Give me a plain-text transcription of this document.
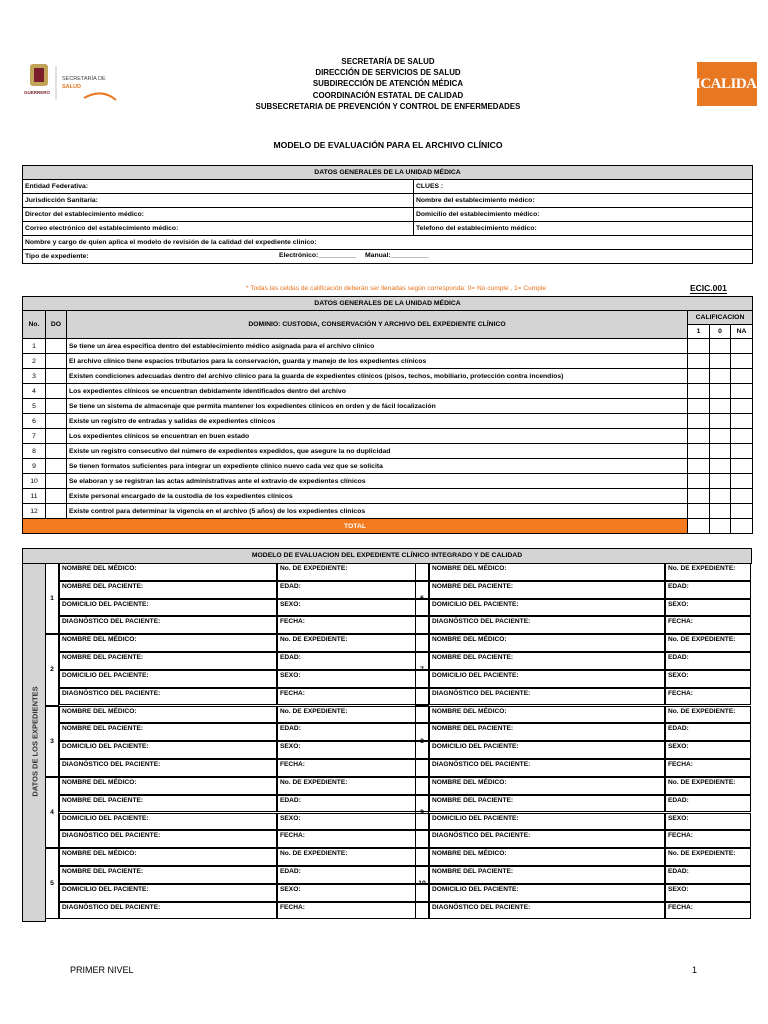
GUERRERO
SECRETARÍA DE
SALUD	SICALIDAD
SECRETARÍA DE SALUD
DIRECCIÓN DE SERVICIOS DE SALUD
SUBDIRECCIÓN DE ATENCIÓN MÉDICA
COORDINACIÓN ESTATAL DE CALIDAD
SUBSECRETARIA DE PREVENCIÓN Y CONTROL DE ENFERMEDADES
MODELO DE EVALUACIÓN PARA EL ARCHIVO CLÍNICO
DATOS GENERALES DE LA UNIDAD MÉDICA	
Entidad Federativa:	CLUES :
Jurisdicción Sanitaria:	Nombre del establecimiento médico:
Director del establecimiento médico:	Domicilio del establecimiento médico:
Correo electrónico del establecimiento médico:	Telefono del establecimiento médico:
Nombre y cargo de quien aplica el modelo de revisión de la calidad del expediente clinico:	
Tipo de expediente: Electrónico:__________ Manual:__________	
* Todas las celdas de calificación deberán ser llenadas según corresponda: 0= No cumple , 1= Cumple	ECIC.001
DATOS GENERALES DE LA UNIDAD MÉDICA					
No.	DO	DOMINIO: CUSTODIA, CONSERVACIÓN Y ARCHIVO DEL EXPEDIENTE CLÍNICO	CALIFICACION		
			1	0	NA
1		Se tiene un área especifica dentro del establecimiento médico asignada para el archivo clinico			
2		El archivo clinico tiene espacios tributarios para la conservación, guarda y manejo de los expedientes clínicos			
3		Existen condiciones adecuadas dentro del archivo clinico para la guarda de expedientes clínicos (pisos, techos, mobiliario, protección contra incendios)			
4		Los expedientes clínicos se encuentran debidamente identificados dentro del archivo			
5		Se tiene un sistema de almacenaje que permita mantener los expedientes clínicos en orden y de fácil localización			
6		Existe un registro de entradas y salidas de expedientes clínicos			
7		Los expedientes clínicos se encuentran en buen estado			
8		Existe un registro consecutivo del número de expedientes expedidos, que asegure la no duplicidad			
9		Se tienen formatos suficientes para integrar un expediente clínico nuevo cada vez que se solicita			
10		Se elaboran y se registran las actas administrativas ante el extravío de expedientes clínicos			
11		Existe personal encargado de la custodia de los expedientes clínicos			
12		Existe control para determinar la vigencia en el archivo (5 años) de los expedientes clinicos			
TOTAL					
MODELO DE EVALUACION DEL EXPEDIENTE CLÍNICO INTEGRADO Y DE CALIDAD
DATOS DE LOS EXPEDIENTES
1
NOMBRE DEL MÉDICO:	No. DE EXPEDIENTE:
NOMBRE DEL PACIENTE:	EDAD:
DOMICILIO DEL PACIENTE:	SEXO:
DIAGNÓSTICO DEL PACIENTE:	FECHA:
2
NOMBRE DEL MÉDICO:	No. DE EXPEDIENTE:
NOMBRE DEL PACIENTE:	EDAD:
DOMICILIO DEL PACIENTE:	SEXO:
DIAGNÓSTICO DEL PACIENTE:	FECHA:
3
NOMBRE DEL MÉDICO:	No. DE EXPEDIENTE:
NOMBRE DEL PACIENTE:	EDAD:
DOMICILIO DEL PACIENTE:	SEXO:
DIAGNÓSTICO DEL PACIENTE:	FECHA:
4
NOMBRE DEL MÉDICO:	No. DE EXPEDIENTE:
NOMBRE DEL PACIENTE:	EDAD:
DOMICILIO DEL PACIENTE:	SEXO:
DIAGNÓSTICO DEL PACIENTE:	FECHA:
5
NOMBRE DEL MÉDICO:	No. DE EXPEDIENTE:
NOMBRE DEL PACIENTE:	EDAD:
DOMICILIO DEL PACIENTE:	SEXO:
DIAGNÓSTICO DEL PACIENTE:	FECHA:
6
NOMBRE DEL MÉDICO:	No. DE EXPEDIENTE:
NOMBRE DEL PACIENTE:	EDAD:
DOMICILIO DEL PACIENTE:	SEXO:
DIAGNÓSTICO DEL PACIENTE:	FECHA:
7
NOMBRE DEL MÉDICO:	No. DE EXPEDIENTE:
NOMBRE DEL PACIENTE:	EDAD:
DOMICILIO DEL PACIENTE:	SEXO:
DIAGNÓSTICO DEL PACIENTE:	FECHA:
8
NOMBRE DEL MÉDICO:	No. DE EXPEDIENTE:
NOMBRE DEL PACIENTE:	EDAD:
DOMICILIO DEL PACIENTE:	SEXO:
DIAGNÓSTICO DEL PACIENTE:	FECHA:
9
NOMBRE DEL MÉDICO:	No. DE EXPEDIENTE:
NOMBRE DEL PACIENTE:	EDAD:
DOMICILIO DEL PACIENTE:	SEXO:
DIAGNÓSTICO DEL PACIENTE:	FECHA:
10
NOMBRE DEL MÉDICO:	No. DE EXPEDIENTE:
NOMBRE DEL PACIENTE:	EDAD:
DOMICILIO DEL PACIENTE:	SEXO:
DIAGNÓSTICO DEL PACIENTE:	FECHA:
PRIMER NIVEL	1
